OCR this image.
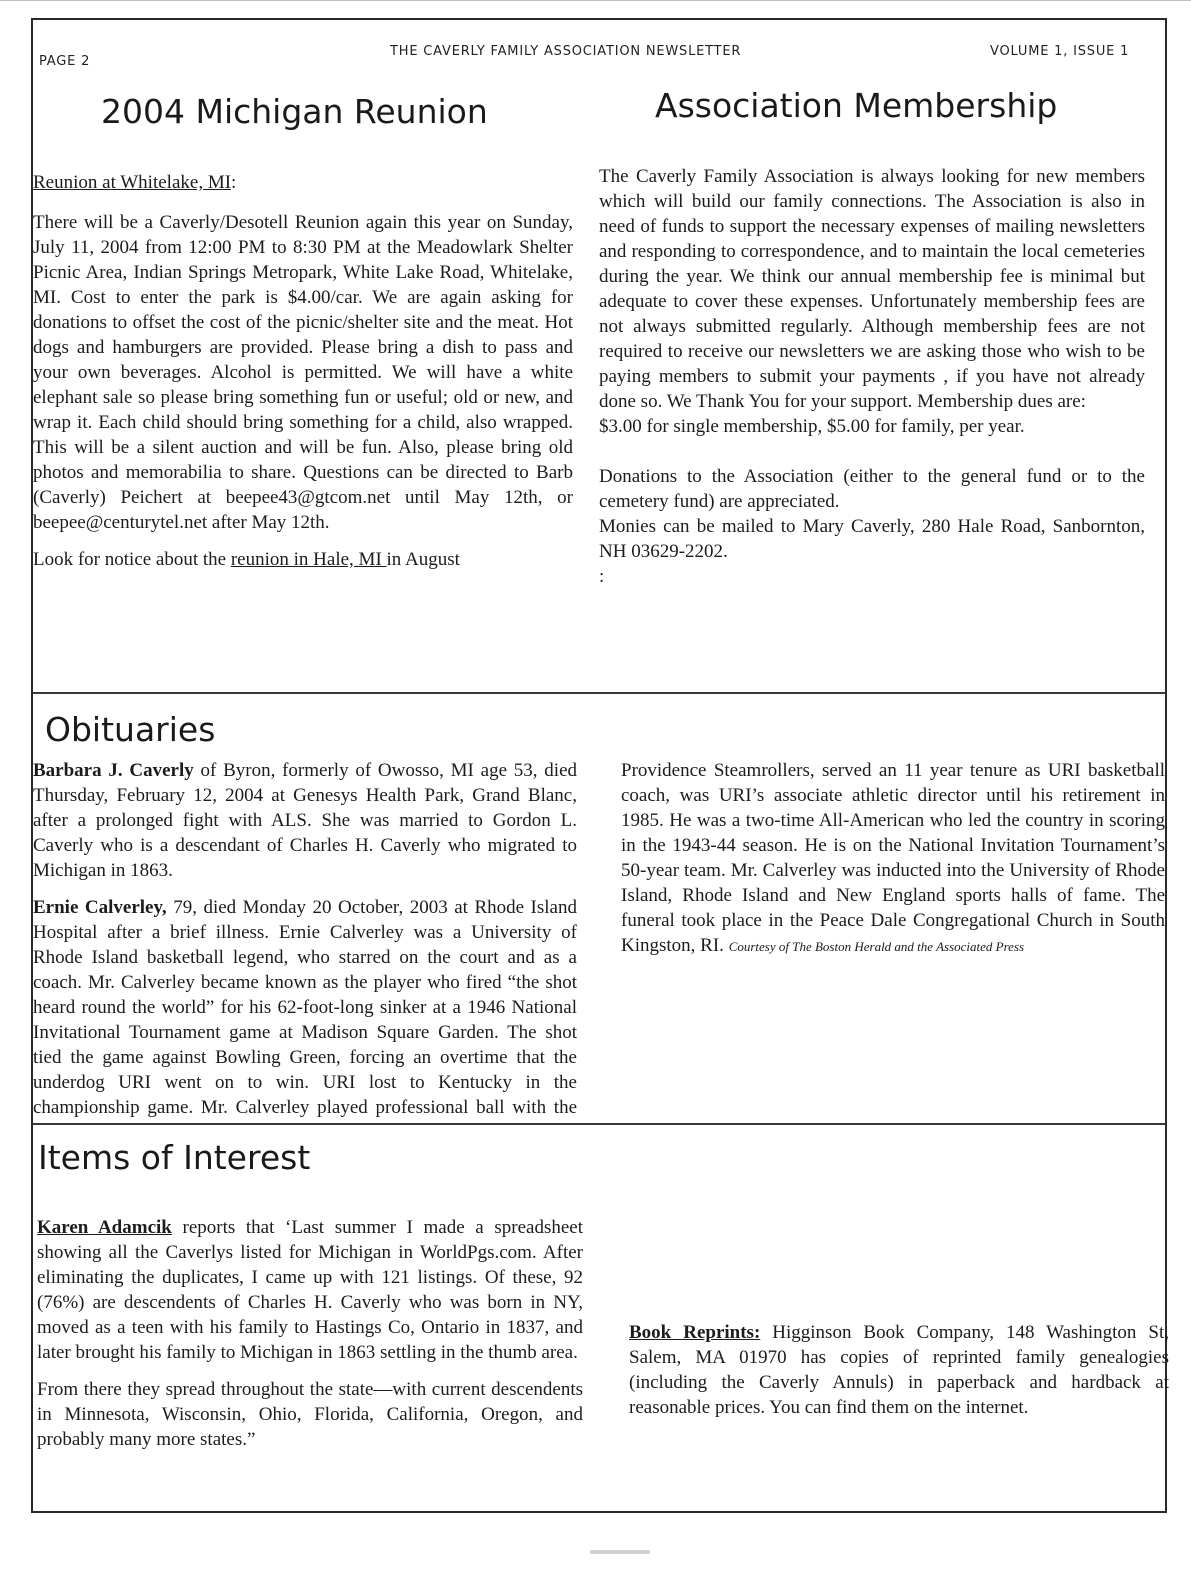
PAGE 2
THE CAVERLY FAMILY ASSOCIATION NEWSLETTER	VOLUME 1, ISSUE 1
2004 Michigan Reunion	Association Membership

Reunion at Whitelake, MI:

There will be a Caverly/Desotell Reunion again this year on Sunday, July 11, 2004 from 12:00 PM to 8:30 PM at the Meadowlark Shelter Picnic Area, Indian Springs Metropark, White Lake Road, Whitelake, MI. Cost to enter the park is $4.00/car. We are again asking for donations to offset the cost of the picnic/shelter site and the meat. Hot dogs and hamburgers are provided. Please bring a dish to pass and your own beverages. Alcohol is permitted. We will have a white elephant sale so please bring something fun or useful; old or new, and wrap it. Each child should bring something for a child, also wrapped. This will be a silent auction and will be fun. Also, please bring old photos and memorabilia to share. Questions can be directed to Barb (Caverly) Peichert at beepee43@gtcom.net until May 12th, or beepee@centurytel.net after May 12th.

Look for notice about the reunion in Hale, MI in August

The Caverly Family Association is always looking for new members which will build our family connections. The Association is also in need of funds to support the necessary expenses of mailing newsletters and responding to correspondence, and to maintain the local cemeteries during the year. We think our annual membership fee is minimal but adequate to cover these expenses. Unfortunately membership fees are not always submitted regularly. Although membership fees are not required to receive our newsletters we are asking those who wish to be paying members to submit your payments , if you have not already done so. We Thank You for your support. Membership dues are:

$3.00 for single membership, $5.00 for family, per year.

Donations to the Association (either to the general fund or to the cemetery fund) are appreciated.

Monies can be mailed to Mary Caverly, 280 Hale Road, Sanbornton, NH 03629-2202.

:

Obituaries

Barbara J. Caverly of Byron, formerly of Owosso, MI age 53, died Thursday, February 12, 2004 at Genesys Health Park, Grand Blanc, after a prolonged fight with ALS. She was married to Gordon L. Caverly who is a descendant of Charles H. Caverly who migrated to Michigan in 1863.

Ernie Calverley, 79, died Monday 20 October, 2003 at Rhode Island Hospital after a brief illness. Ernie Calverley was a University of Rhode Island basketball legend, who starred on the court and as a coach. Mr. Calverley became known as the player who fired “the shot heard round the world” for his 62-foot-long sinker at a 1946 National Invitational Tournament game at Madison Square Garden. The shot tied the game against Bowling Green, forcing an overtime that the underdog URI went on to win. URI lost to Kentucky in the championship game. Mr. Calverley played professional ball with the Providence Steamrollers, served an 11 year tenure as URI basketball coach, was URI’s associate athletic director until his retirement in 1985. He was a two-time All-American who led the country in scoring in the 1943-44 season. He is on the National Invitation Tournament’s 50-year team. Mr. Calverley was inducted into the University of Rhode Island, Rhode Island and New England sports halls of fame. The funeral took place in the Peace Dale Congregational Church in South Kingston, RI. Courtesy of The Boston Herald and the Associated Press

Items of Interest

Karen Adamcik reports that ‘Last summer I made a spreadsheet showing all the Caverlys listed for Michigan in WorldPgs.com. After eliminating the duplicates, I came up with 121 listings. Of these, 92 (76%) are descendents of Charles H. Caverly who was born in NY, moved as a teen with his family to Hastings Co, Ontario in 1837, and later brought his family to Michigan in 1863 settling in the thumb area.

From there they spread throughout the state—with current descendents in Minnesota, Wisconsin, Ohio, Florida, California, Oregon, and probably many more states.”

Book Reprints: Higginson Book Company, 148 Washington St, Salem, MA 01970 has copies of reprinted family genealogies (including the Caverly Annuls) in paperback and hardback at reasonable prices. You can find them on the internet.
